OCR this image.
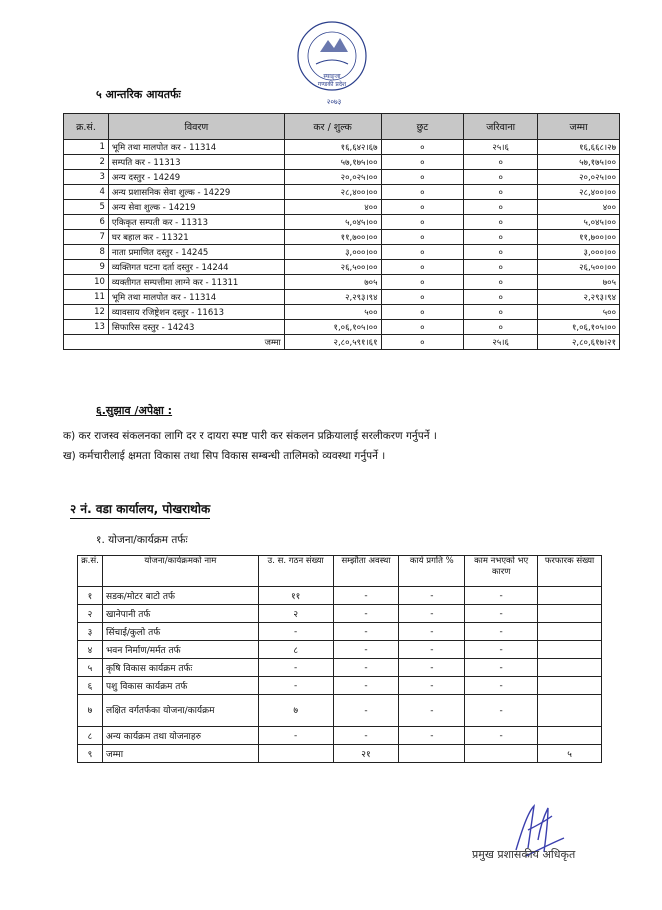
स्याङ्जा
गण्डकी प्रदेश
२०७३
५ आन्तरिक आयतर्फः
क्र.सं.	विवरण	कर / शुल्क	छुट	जरिवाना	जम्मा
1	भूमि तथा मालपोत कर - 11314	१६,६४२।६७	०	२५।६	१६,६६८।२७
2	सम्पति कर - 11313	५७,१७५।००	०	०	५७,१७५।००
3	अन्य दस्तुर - 14249	२०,०२५।००	०	०	२०,०२५।००
4	अन्य प्रशासनिक सेवा शुल्क - 14229	२८,४००।००	०	०	२८,४००।००
5	अन्य सेवा शुल्क - 14219	४००	०	०	४००
6	एकिकृत सम्पती कर - 11313	५,०४५।००	०	०	५,०४५।००
7	घर बहाल कर - 11321	११,७००।००	०	०	११,७००।००
8	नाता प्रमाणित दस्तुर - 14245	३,०००।००	०	०	३,०००।००
9	व्यक्तिगत घटना दर्ता दस्तुर - 14244	२६,५००।००	०	०	२६,५००।००
10	व्यक्तीगत सम्पत्तीमा लाग्ने कर - 11311	७०५	०	०	७०५
11	भूमि तथा मालपोत कर - 11314	२,२९३।९४	०	०	२,२९३।९४
12	व्यावसाय रजिष्ट्रेशन दस्तुर - 11613	५००	०	०	५००
13	सिफारिस दस्तुर - 14243	१,०६,१०५।००	०	०	१,०६,१०५।००
जम्मा		२,८०,५९१।६१	०	२५।६	२,८०,६१७।२१
६.सुझाव /अपेक्षा :
क) कर राजस्व संकलनका लागि दर र दायरा स्पष्ट पारी कर संकलन प्रक्रियालाई सरलीकरण गर्नुपर्ने ।
ख) कर्मचारीलाई क्षमता विकास तथा सिप विकास सम्बन्धी तालिमको व्यवस्था गर्नुपर्ने ।
२ नं. वडा कार्यालय, पोखराथोक
१. योजना/कार्यक्रम तर्फः
क्र.सं.	योजना/कार्यक्रमको नाम	उ. स. गठन संख्या	सम्झौता अवस्था	कार्य प्रगति %	काम नभएको भए कारण	फरफारक संख्या
१	सडक/मोटर बाटो तर्फ	११	-	-	-	
२	खानेपानी तर्फ	२	-	-	-	
३	सिंचाई/कुलो तर्फ	-	-	-	-	
४	भवन निर्माण/मर्मत तर्फ	८	-	-	-	
५	कृषि विकास कार्यक्रम तर्फः	-	-	-	-	
६	पशु विकास कार्यक्रम तर्फ	-	-	-	-	
७	लक्षित वर्गतर्फका योजना/कार्यक्रम	७	-	-	-	
८	अन्य कार्यक्रम तथा योजनाहरु	-	-	-	-	
९	जम्मा		२१			५
प्रमुख प्रशासकीय अधिकृत
